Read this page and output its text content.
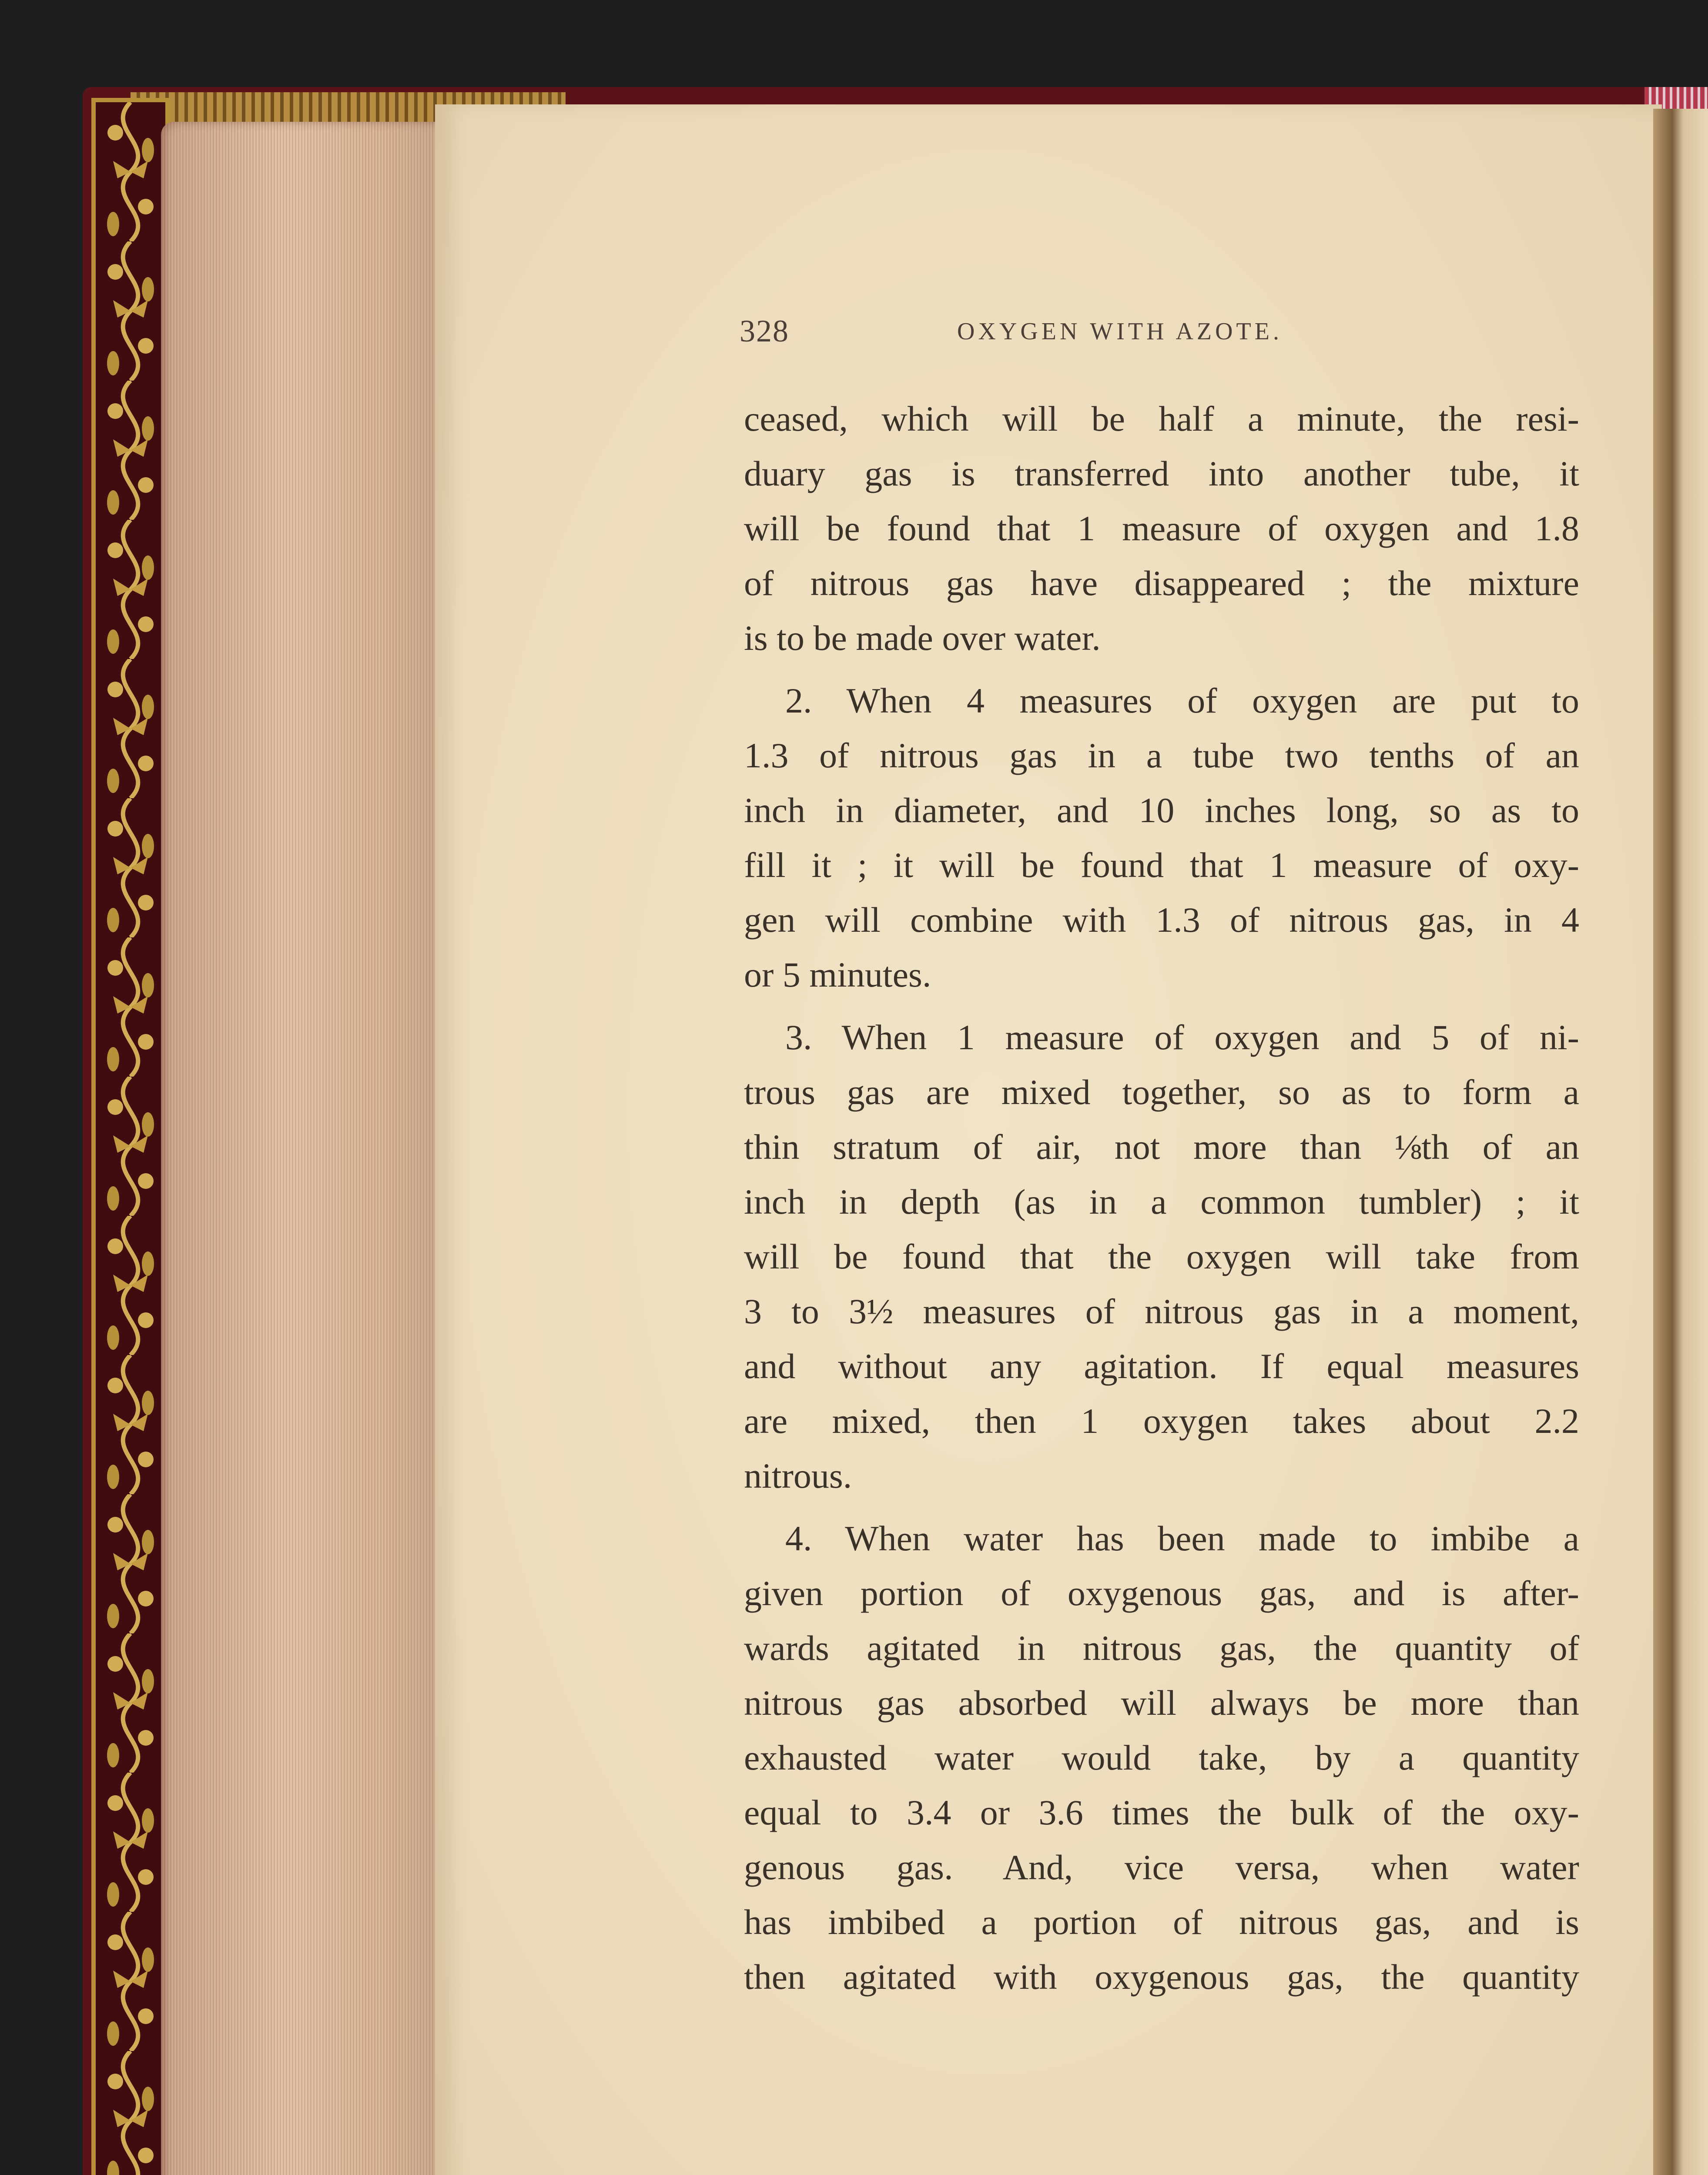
328	OXYGEN WITH AZOTE.
ceased, which will be half a minute, the resi-
duary gas is transferred into another tube, it
will be found that 1 measure of oxygen and 1.8
of nitrous gas have disappeared ; the mixture
is to be made over water.
2. When 4 measures of oxygen are put to
1.3 of nitrous gas in a tube two tenths of an
inch in diameter, and 10 inches long, so as to
fill it ; it will be found that 1 measure of oxy-
gen will combine with 1.3 of nitrous gas, in 4
or 5 minutes.
3. When 1 measure of oxygen and 5 of ni-
trous gas are mixed together, so as to form a
thin stratum of air, not more than ⅛th of an
inch in depth (as in a common tumbler) ; it
will be found that the oxygen will take from
3 to 3½ measures of nitrous gas in a moment,
and without any agitation. If equal measures
are mixed, then 1 oxygen takes about 2.2
nitrous.
4. When water has been made to imbibe a
given portion of oxygenous gas, and is after-
wards agitated in nitrous gas, the quantity of
nitrous gas absorbed will always be more than
exhausted water would take, by a quantity
equal to 3.4 or 3.6 times the bulk of the oxy-
genous gas. And, vice versa, when water
has imbibed a portion of nitrous gas, and is
then agitated with oxygenous gas, the quantity
